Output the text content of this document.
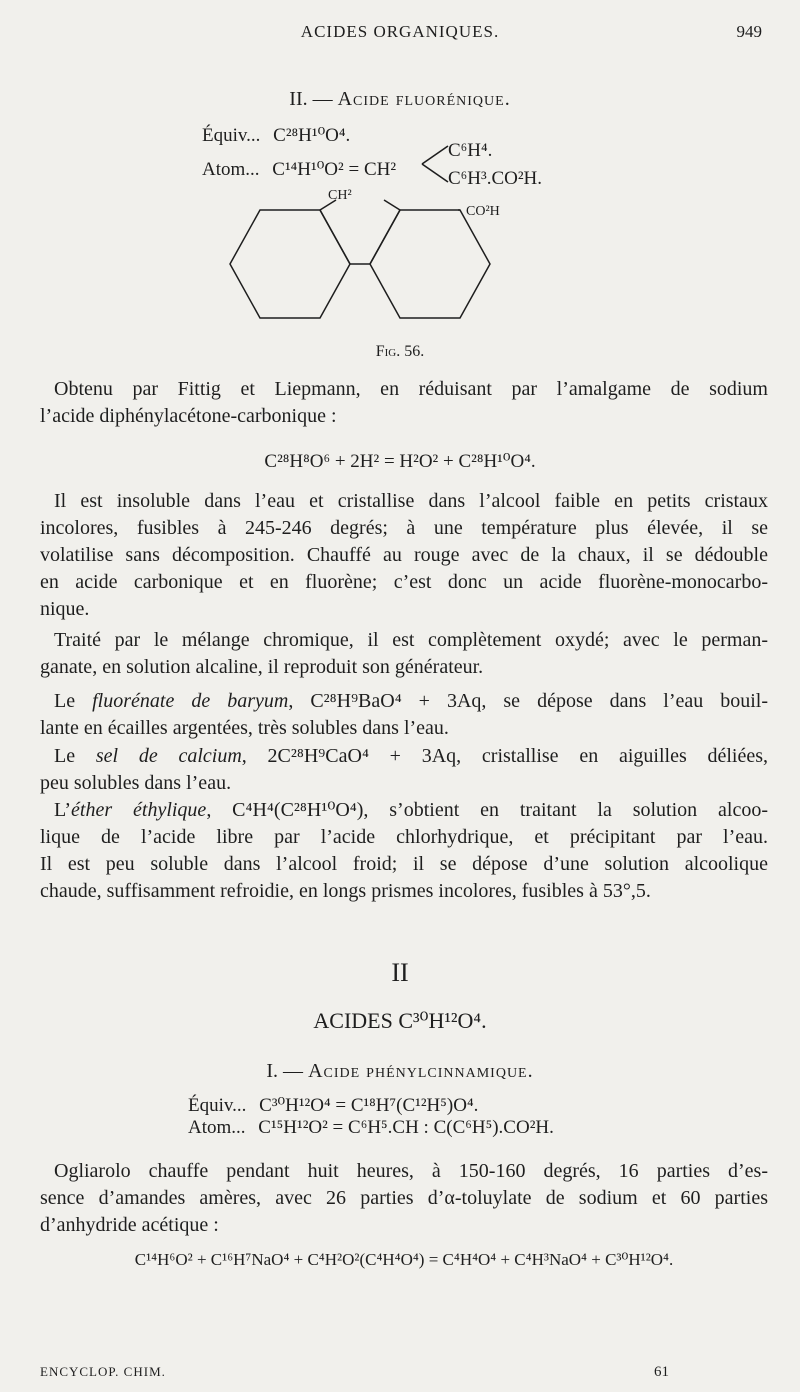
ACIDES ORGANIQUES.	949
II. — Acide fluorénique.
Équiv... C²⁸H¹⁰O⁴.
Atom... C¹⁴H¹⁰O² = CH²
C⁶H⁴.
C⁶H³.CO²H.
CH²
CO²H
Fig. 56.
Obtenu par Fittig et Liepmann, en réduisant par l’amalgame de sodium
l’acide diphénylacétone-carbonique :
C²⁸H⁸O⁶ + 2H² = H²O² + C²⁸H¹⁰O⁴.
Il est insoluble dans l’eau et cristallise dans l’alcool faible en petits cristaux
incolores, fusibles à 245-246 degrés; à une température plus élevée, il se
volatilise sans décomposition. Chauffé au rouge avec de la chaux, il se dédouble
en acide carbonique et en fluorène; c’est donc un acide fluorène-monocarbo-
nique.
Traité par le mélange chromique, il est complètement oxydé; avec le perman-
ganate, en solution alcaline, il reproduit son générateur.
Le fluorénate de baryum, C²⁸H⁹BaO⁴ + 3Aq, se dépose dans l’eau bouil-
lante en écailles argentées, très solubles dans l’eau.
Le sel de calcium, 2C²⁸H⁹CaO⁴ + 3Aq, cristallise en aiguilles déliées,
peu solubles dans l’eau.
L’éther éthylique, C⁴H⁴(C²⁸H¹⁰O⁴), s’obtient en traitant la solution alcoo-
lique de l’acide libre par l’acide chlorhydrique, et précipitant par l’eau.
Il est peu soluble dans l’alcool froid; il se dépose d’une solution alcoolique
chaude, suffisamment refroidie, en longs prismes incolores, fusibles à 53°,5.
II
ACIDES C³⁰H¹²O⁴.
I. — Acide phénylcinnamique.
Équiv... C³⁰H¹²O⁴ = C¹⁸H⁷(C¹²H⁵)O⁴.
Atom... C¹⁵H¹²O² = C⁶H⁵.CH : C(C⁶H⁵).CO²H.
Ogliarolo chauffe pendant huit heures, à 150-160 degrés, 16 parties d’es-
sence d’amandes amères, avec 26 parties d’α-toluylate de sodium et 60 parties
d’anhydride acétique :
C¹⁴H⁶O² + C¹⁶H⁷NaO⁴ + C⁴H²O²(C⁴H⁴O⁴) = C⁴H⁴O⁴ + C⁴H³NaO⁴ + C³⁰H¹²O⁴.
ENCYCLOP. CHIM.	61
